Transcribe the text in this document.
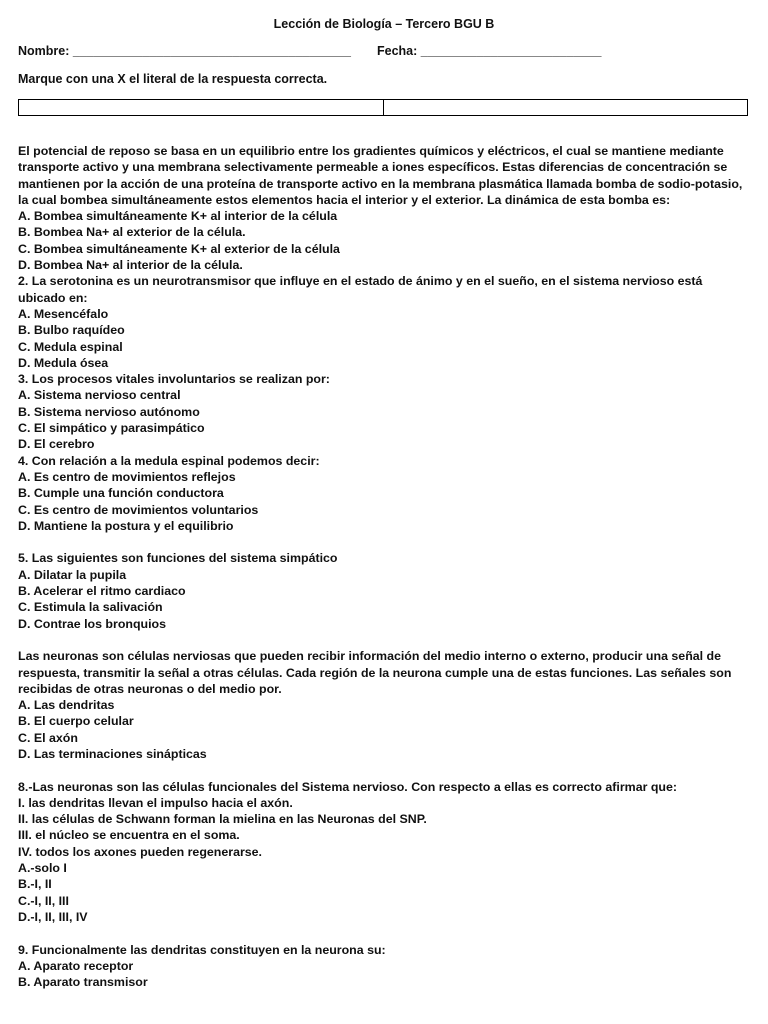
Lección de Biología – Tercero BGU B
Nombre: ________________________________________ Fecha: __________________________
Marque con una X el literal de la respuesta correcta.

El potencial de reposo se basa en un equilibrio entre los gradientes químicos y eléctricos, el cual se mantiene mediante transporte activo y una membrana selectivamente permeable a iones específicos. Estas diferencias de concentración se mantienen por la acción de una proteína de transporte activo en la membrana plasmática llamada bomba de sodio-potasio, la cual bombea simultáneamente estos elementos hacia el interior y el exterior. La dinámica de esta bomba es:

A. Bombea simultáneamente K+ al interior de la célula

B. Bombea Na+ al exterior de la célula.

C. Bombea simultáneamente K+ al exterior de la célula

D. Bombea Na+ al interior de la célula.

2. La serotonina es un neurotransmisor que influye en el estado de ánimo y en el sueño, en el sistema nervioso está ubicado en:

A. Mesencéfalo

B. Bulbo raquídeo

C. Medula espinal

D. Medula ósea

3. Los procesos vitales involuntarios se realizan por:

A. Sistema nervioso central

B. Sistema nervioso autónomo

C. El simpático y parasimpático

D. El cerebro

4. Con relación a la medula espinal podemos decir:

A. Es centro de movimientos reflejos

B. Cumple una función conductora

C. Es centro de movimientos voluntarios

D. Mantiene la postura y el equilibrio

5. Las siguientes son funciones del sistema simpático

A. Dilatar la pupila

B. Acelerar el ritmo cardiaco

C. Estimula la salivación

D. Contrae los bronquios

Las neuronas son células nerviosas que pueden recibir información del medio interno o externo, producir una señal de respuesta, transmitir la señal a otras células. Cada región de la neurona cumple una de estas funciones. Las señales son recibidas de otras neuronas o del medio por.

A. Las dendritas

B. El cuerpo celular

C. El axón

D. Las terminaciones sinápticas

8.-Las neuronas son las células funcionales del Sistema nervioso. Con respecto a ellas es correcto afirmar que:

I. las dendritas llevan el impulso hacia el axón.

II. las células de Schwann forman la mielina en las Neuronas del SNP.

III. el núcleo se encuentra en el soma.

IV. todos los axones pueden regenerarse.

A.-solo I

B.-I, II

C.-I, II, III

D.-I, II, III, IV

9. Funcionalmente las dendritas constituyen en la neurona su:

A. Aparato receptor

B. Aparato transmisor
